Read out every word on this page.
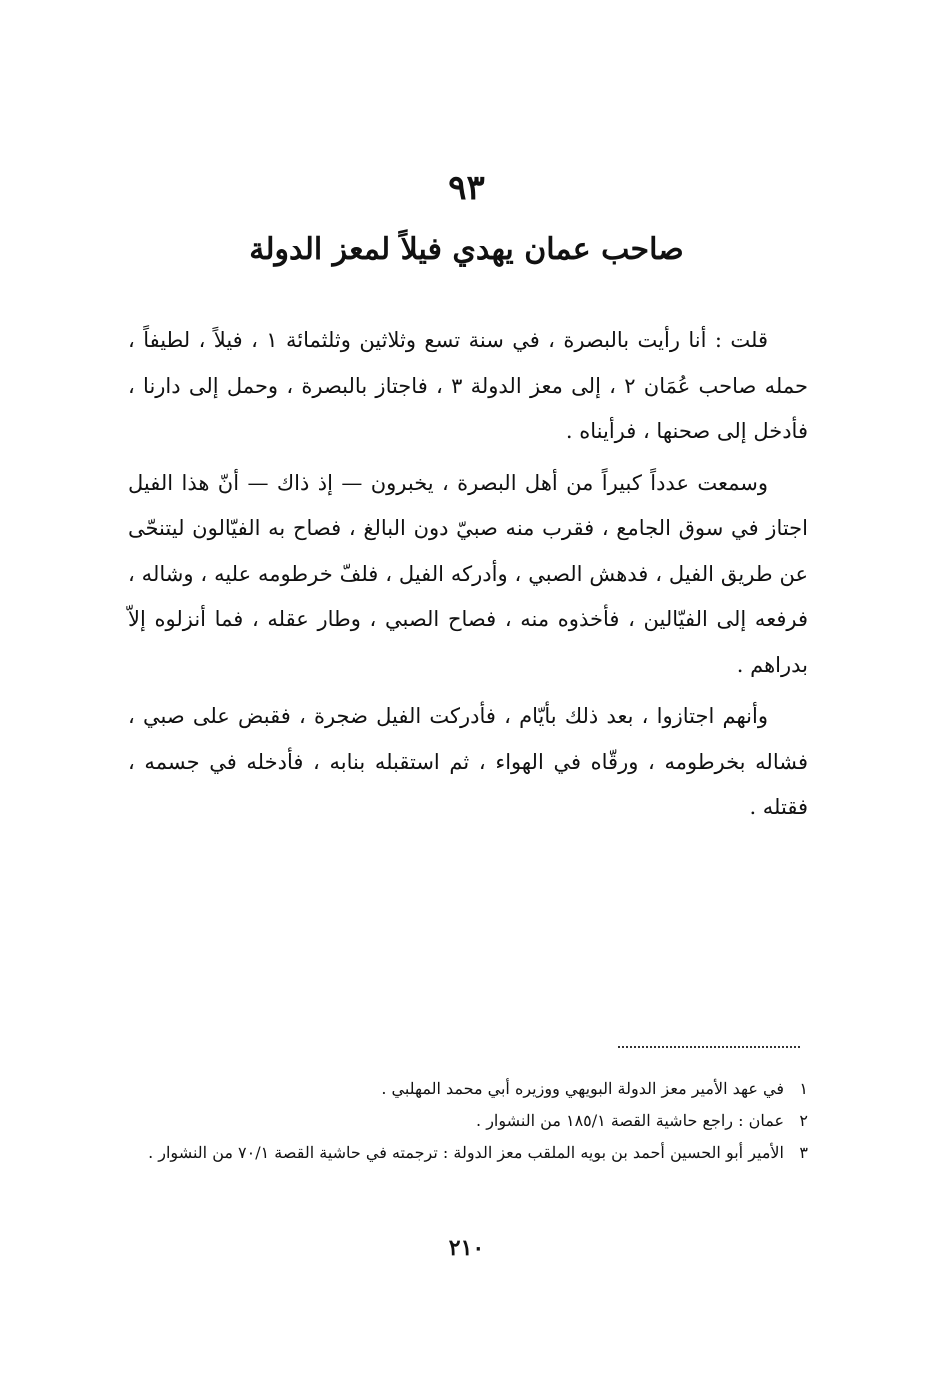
٩٣
صاحب عمان يهدي فيلاً لمعز الدولة

قلت : أنا رأيت بالبصرة ، في سنة تسع وثلاثين وثلثمائة ١ ، فيلاً ، لطيفاً ، حمله صاحب عُمَان ٢ ، إلى معز الدولة ٣ ، فاجتاز بالبصرة ، وحمل إلى دارنا ، فأدخل إلى صحنها ، فرأيناه .

وسمعت عدداً كبيراً من أهل البصرة ، يخبرون — إذ ذاك — أنّ هذا الفيل اجتاز في سوق الجامع ، فقرب منه صبيّ دون البالغ ، فصاح به الفيّالون ليتنحّى عن طريق الفيل ، فدهش الصبي ، وأدركه الفيل ، فلفّ خرطومه عليه ، وشاله ، فرفعه إلى الفيّالين ، فأخذوه منه ، فصاح الصبي ، وطار عقله ، فما أنزلوه إلاّ بدراهم .

وأنهم اجتازوا ، بعد ذلك بأيّام ، فأدركت الفيل ضجرة ، فقبض على صبي ، فشاله بخرطومه ، ورقّاه في الهواء ، ثم استقبله بنابه ، فأدخله في جسمه ، فقتله .

١
في عهد الأمير معز الدولة البويهي ووزيره أبي محمد المهلبي .
٢
عمان : راجع حاشية القصة ١٨٥/١ من النشوار .
٣
الأمير أبو الحسين أحمد بن بويه الملقب معز الدولة : ترجمته في حاشية القصة ٧٠/١ من النشوار .
٢١٠
